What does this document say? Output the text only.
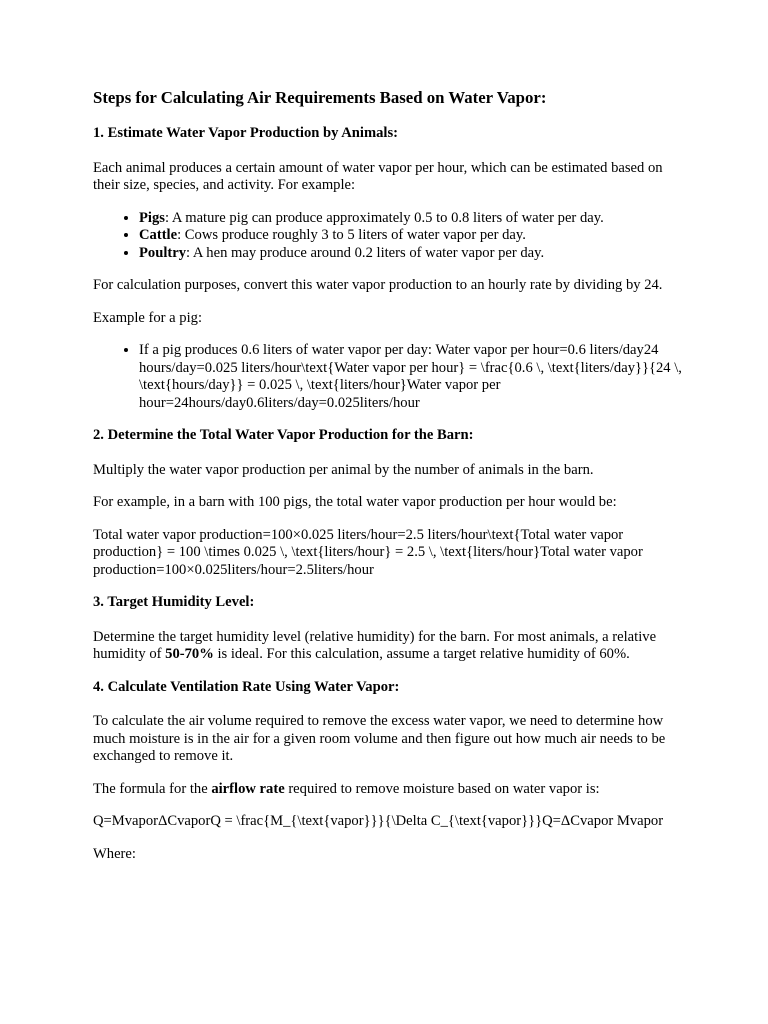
Steps for Calculating Air Requirements Based on Water Vapor:
1. Estimate Water Vapor Production by Animals:

Each animal produces a certain amount of water vapor per hour, which can be estimated based on their size, species, and activity. For example:

• Pigs: A mature pig can produce approximately 0.5 to 0.8 liters of water per day.
• Cattle: Cows produce roughly 3 to 5 liters of water vapor per day.
• Poultry: A hen may produce around 0.2 liters of water vapor per day.

For calculation purposes, convert this water vapor production to an hourly rate by dividing by 24.

Example for a pig:

• If a pig produces 0.6 liters of water vapor per day: Water vapor per hour=0.6 liters/day24 hours/day=0.025 liters/hour\text{Water vapor per hour} = \frac{0.6 \, \text{liters/day}}{24 \, \text{hours/day}} = 0.025 \, \text{liters/hour}Water vapor per hour=24hours/day0.6liters/day=0.025liters/hour
2. Determine the Total Water Vapor Production for the Barn:

Multiply the water vapor production per animal by the number of animals in the barn.

For example, in a barn with 100 pigs, the total water vapor production per hour would be:

Total water vapor production=100×0.025 liters/hour=2.5 liters/hour\text{Total water vapor production} = 100 \times 0.025 \, \text{liters/hour} = 2.5 \, \text{liters/hour}Total water vapor production=100×0.025liters/hour=2.5liters/hour

3. Target Humidity Level:

Determine the target humidity level (relative humidity) for the barn. For most animals, a relative humidity of 50-70% is ideal. For this calculation, assume a target relative humidity of 60%.

4. Calculate Ventilation Rate Using Water Vapor:

To calculate the air volume required to remove the excess water vapor, we need to determine how much moisture is in the air for a given room volume and then figure out how much air needs to be exchanged to remove it.

The formula for the airflow rate required to remove moisture based on water vapor is:

Q=MvaporΔCvaporQ = \frac{M_{\text{vapor}}}{\Delta C_{\text{vapor}}}Q=ΔCvapor Mvapor

Where:
